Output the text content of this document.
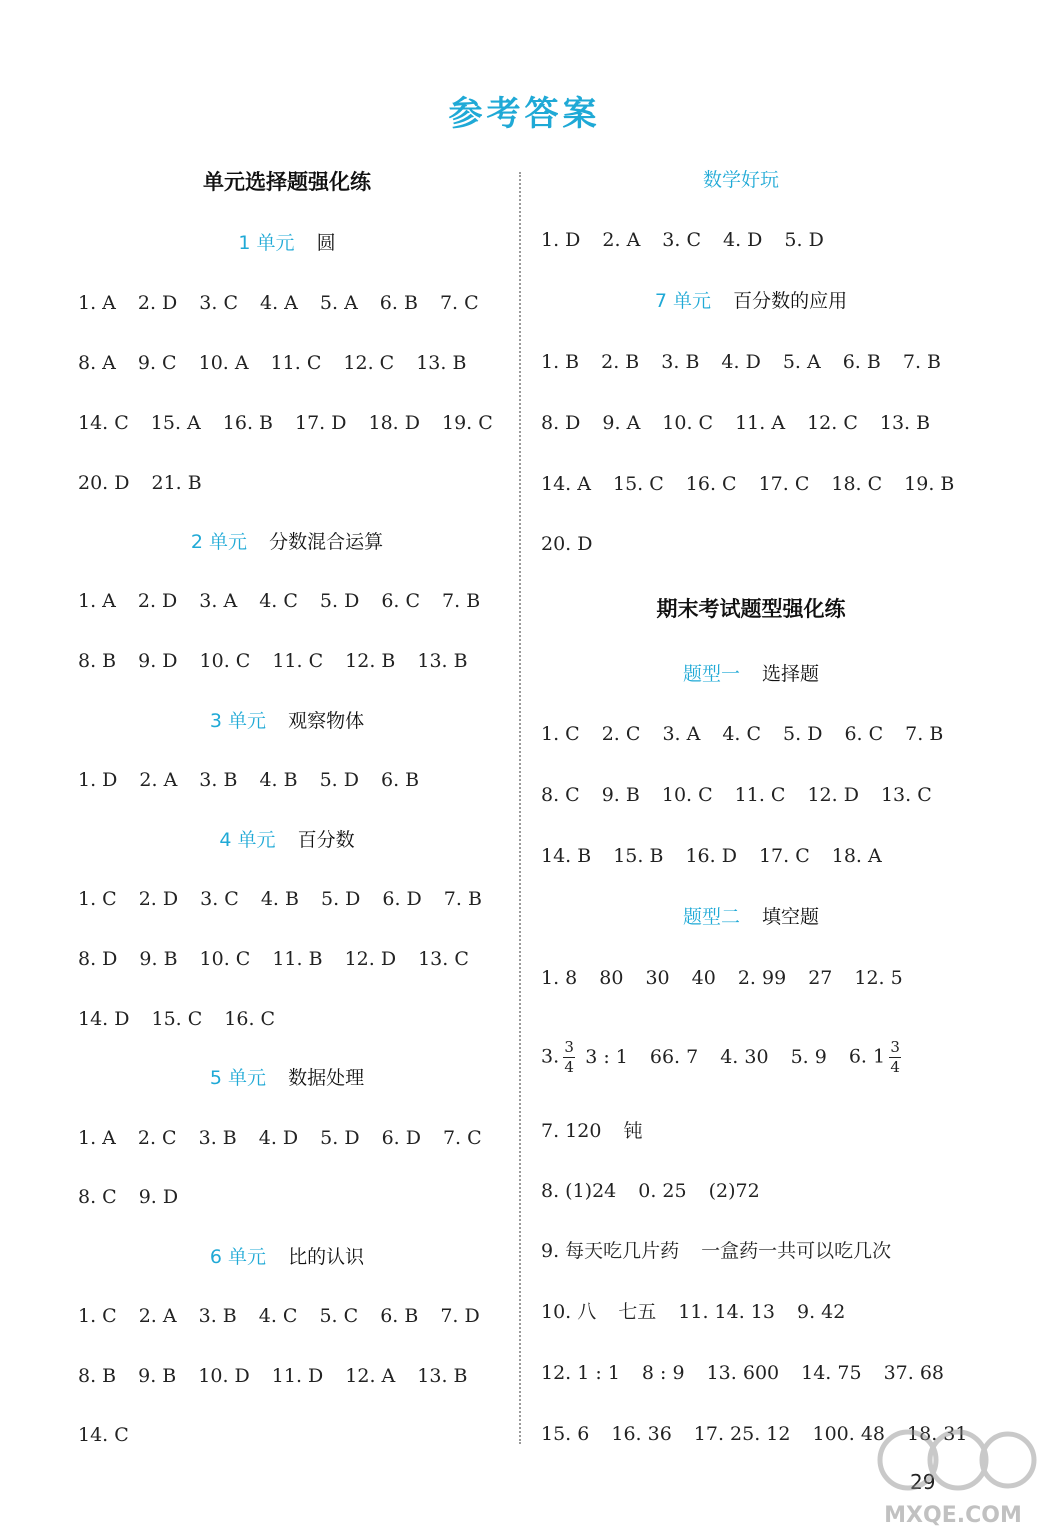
参考答案
单元选择题强化练
1 单元 圆
1. A 2. D 3. C 4. A 5. A 6. B 7. C
8. A 9. C 10. A 11. C 12. C 13. B
14. C 15. A 16. B 17. D 18. D 19. C
20. D 21. B
2 单元 分数混合运算
1. A 2. D 3. A 4. C 5. D 6. C 7. B
8. B 9. D 10. C 11. C 12. B 13. B
3 单元 观察物体
1. D 2. A 3. B 4. B 5. D 6. B
4 单元 百分数
1. C 2. D 3. C 4. B 5. D 6. D 7. B
8. D 9. B 10. C 11. B 12. D 13. C
14. D 15. C 16. C
5 单元 数据处理
1. A 2. C 3. B 4. D 5. D 6. D 7. C
8. C 9. D
6 单元 比的认识
1. C 2. A 3. B 4. C 5. C 6. B 7. D
8. B 9. B 10. D 11. D 12. A 13. B
14. C
数学好玩
1. D 2. A 3. C 4. D 5. D
7 单元 百分数的应用
1. B 2. B 3. B 4. D 5. A 6. B 7. B
8. D 9. A 10. C 11. A 12. C 13. B
14. A 15. C 16. C 17. C 18. C 19. B
20. D
题型一 选择题
1. C 2. C 3. A 4. C 5. D 6. C 7. B
8. C 9. B 10. C 11. C 12. D 13. C
14. B 15. B 16. D 17. C 18. A
题型二 填空题
期末考试题型强化练
1. 8 80 30 40 2. 99 27 12. 5
3. $\frac{3}{4} 3$ : 1 66. 7 4. 30 5. 9 6. $1 \frac{3}{4}$
7. 120 钝
8. (1)24 0. 25 (2)72
9. 每天吃几片药 一盒药一共可以吃几次
10. 八 七五 11. 14. 13 9. 42
12. 1 : 1 8 : 9 13. 600 14. 75 37. 68
15. 6 16. 36 17. 25. 12 100. 48 18. 31
29
MXQE.COM
